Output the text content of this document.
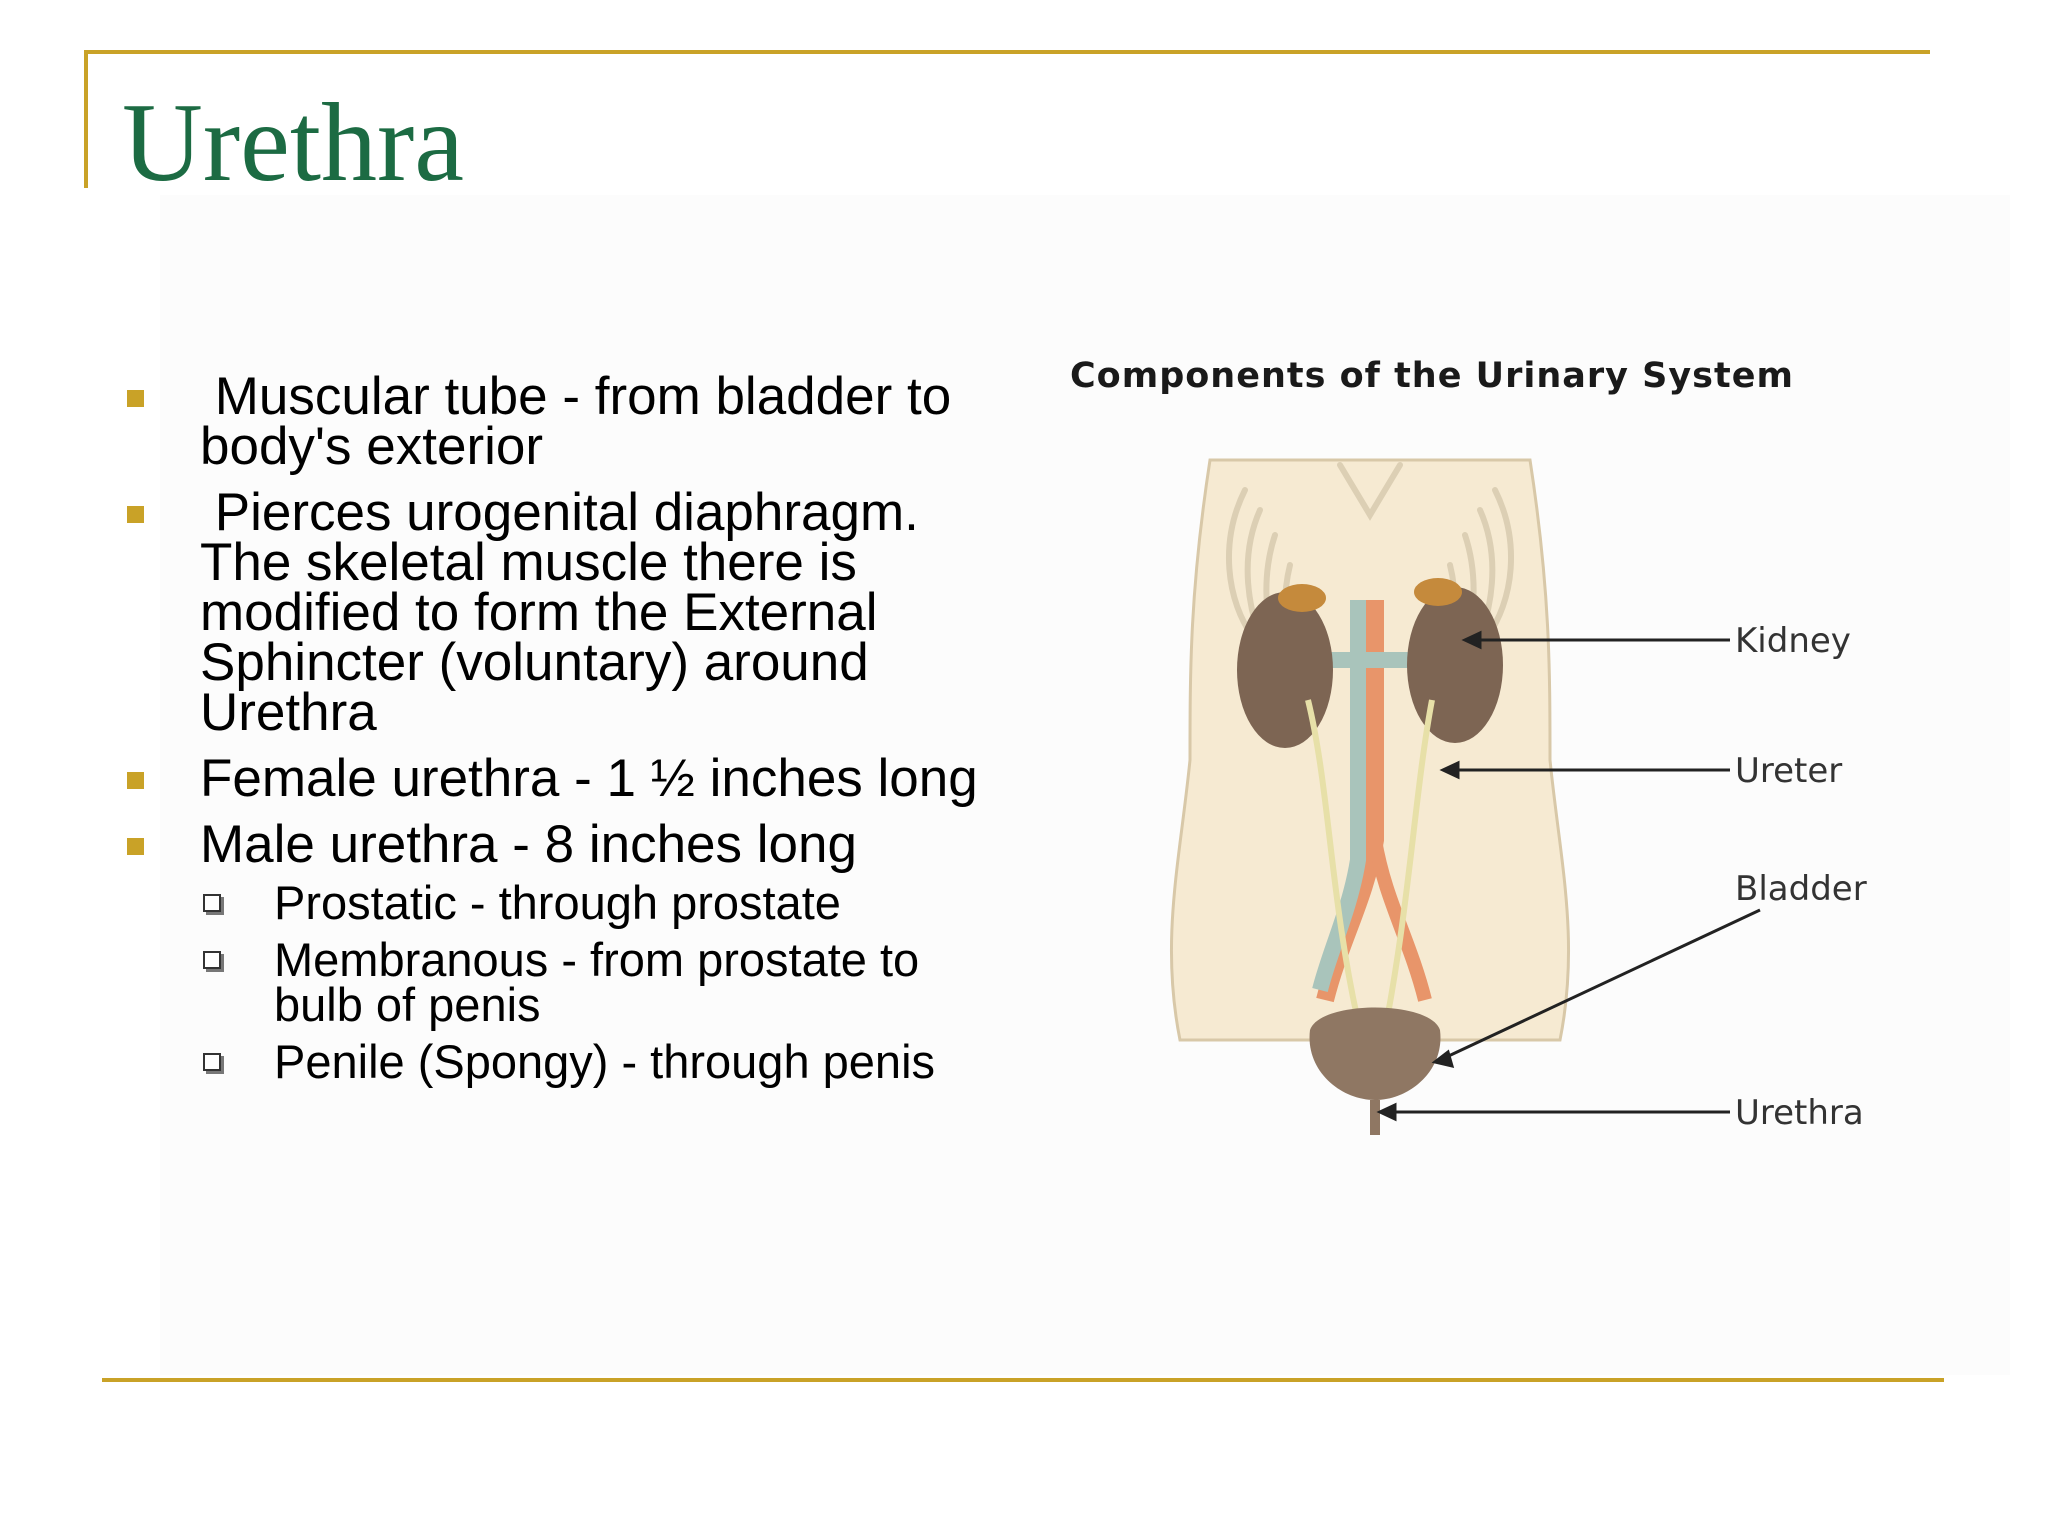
Urethra
Muscular tube - from bladder to body's exterior
Pierces urogenital diaphragm. The skeletal muscle there is modified to form the External Sphincter (voluntary) around Urethra
Female urethra - 1 ½ inches long
Male urethra - 8 inches long
Prostatic - through prostate
Membranous - from prostate to bulb of penis
Penile (Spongy) - through penis

Components of the Urinary System

Kidney
Ureter
Bladder
Urethra
